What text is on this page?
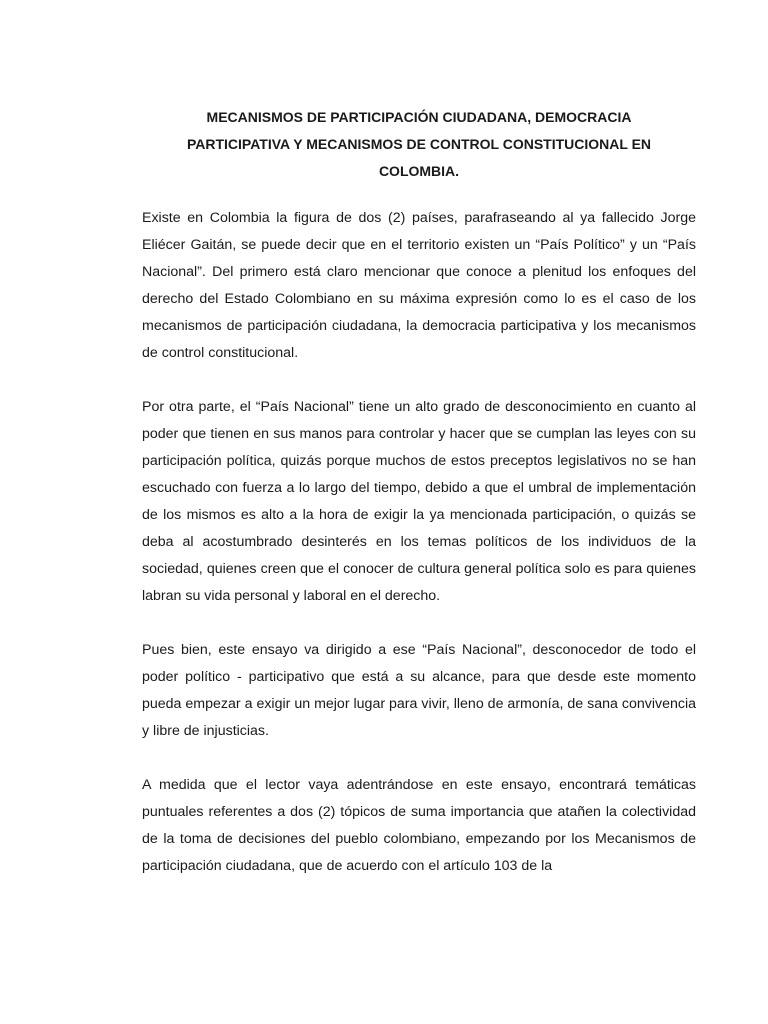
MECANISMOS DE PARTICIPACIÓN CIUDADANA, DEMOCRACIA
PARTICIPATIVA Y MECANISMOS DE CONTROL CONSTITUCIONAL EN
COLOMBIA.

Existe en Colombia la figura de dos (2) países, parafraseando al ya fallecido Jorge Eliécer Gaitán, se puede decir que en el territorio existen un “País Político” y un “País Nacional”. Del primero está claro mencionar que conoce a plenitud los enfoques del derecho del Estado Colombiano en su máxima expresión como lo es el caso de los mecanismos de participación ciudadana, la democracia participativa y los mecanismos de control constitucional.

Por otra parte, el “País Nacional” tiene un alto grado de desconocimiento en cuanto al poder que tienen en sus manos para controlar y hacer que se cumplan las leyes con su participación política, quizás porque muchos de estos preceptos legislativos no se han escuchado con fuerza a lo largo del tiempo, debido a que el umbral de implementación de los mismos es alto a la hora de exigir la ya mencionada participación, o quizás se deba al acostumbrado desinterés en los temas políticos de los individuos de la sociedad, quienes creen que el conocer de cultura general política solo es para quienes labran su vida personal y laboral en el derecho.

Pues bien, este ensayo va dirigido a ese “País Nacional”, desconocedor de todo el poder político - participativo que está a su alcance, para que desde este momento pueda empezar a exigir un mejor lugar para vivir, lleno de armonía, de sana convivencia y libre de injusticias.

A medida que el lector vaya adentrándose en este ensayo, encontrará temáticas puntuales referentes a dos (2) tópicos de suma importancia que atañen la colectividad de la toma de decisiones del pueblo colombiano, empezando por los Mecanismos de participación ciudadana, que de acuerdo con el artículo 103 de la
